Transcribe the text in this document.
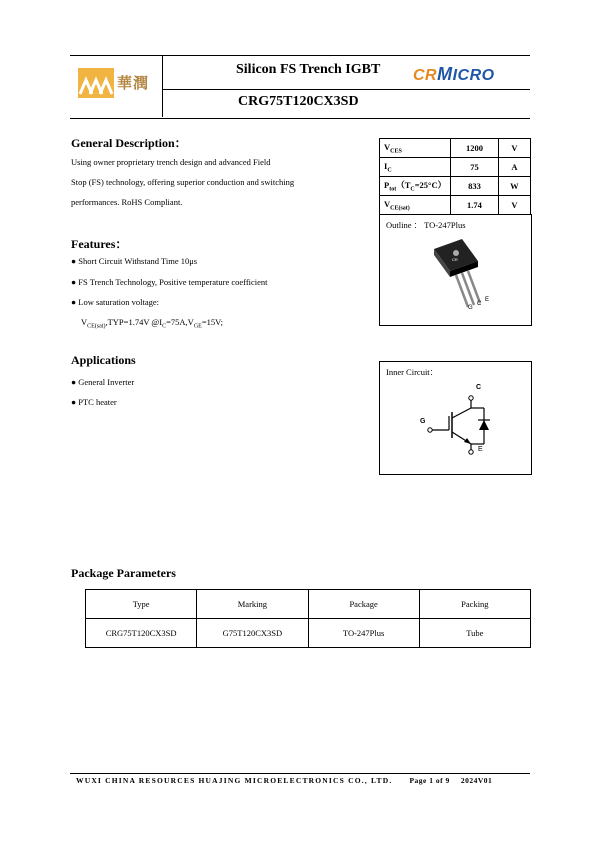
華潤
Silicon FS Trench IGBT
CRG75T120CX3SD
CRMICRO
General Description：
Using owner proprietary trench design and advanced Field
Stop (FS) technology, offering superior conduction and switching
performances. RoHS Compliant.
Features：
● Short Circuit Withstand Time 10μs
● FS Trench Technology, Positive temperature coefficient
● Low saturation voltage:
$V_{CE(sat)},TYP=1.74V$ $@I_C=75A,V_{GE}=15V$;
Applications
● General Inverter
● PTC heater
$V_{CES}$	1200	V
$I_C$	75	A
$P_{tot}(T_C=25^\circ C)$	833	W
$V_{CE(sat)}$	1.74	V
Outline ： TO-247Plus
CR
G
C
E
Inner Circuit：
C
G
E
Package Parameters
Type	Marking	Package	Packing
CRG75T120CX3SD	G75T120CX3SD	TO-247Plus	Tube
WUXI CHINA RESOURCES HUAJING MICROELECTRONICS CO., LTD. Page 1 of 9 2024V01
